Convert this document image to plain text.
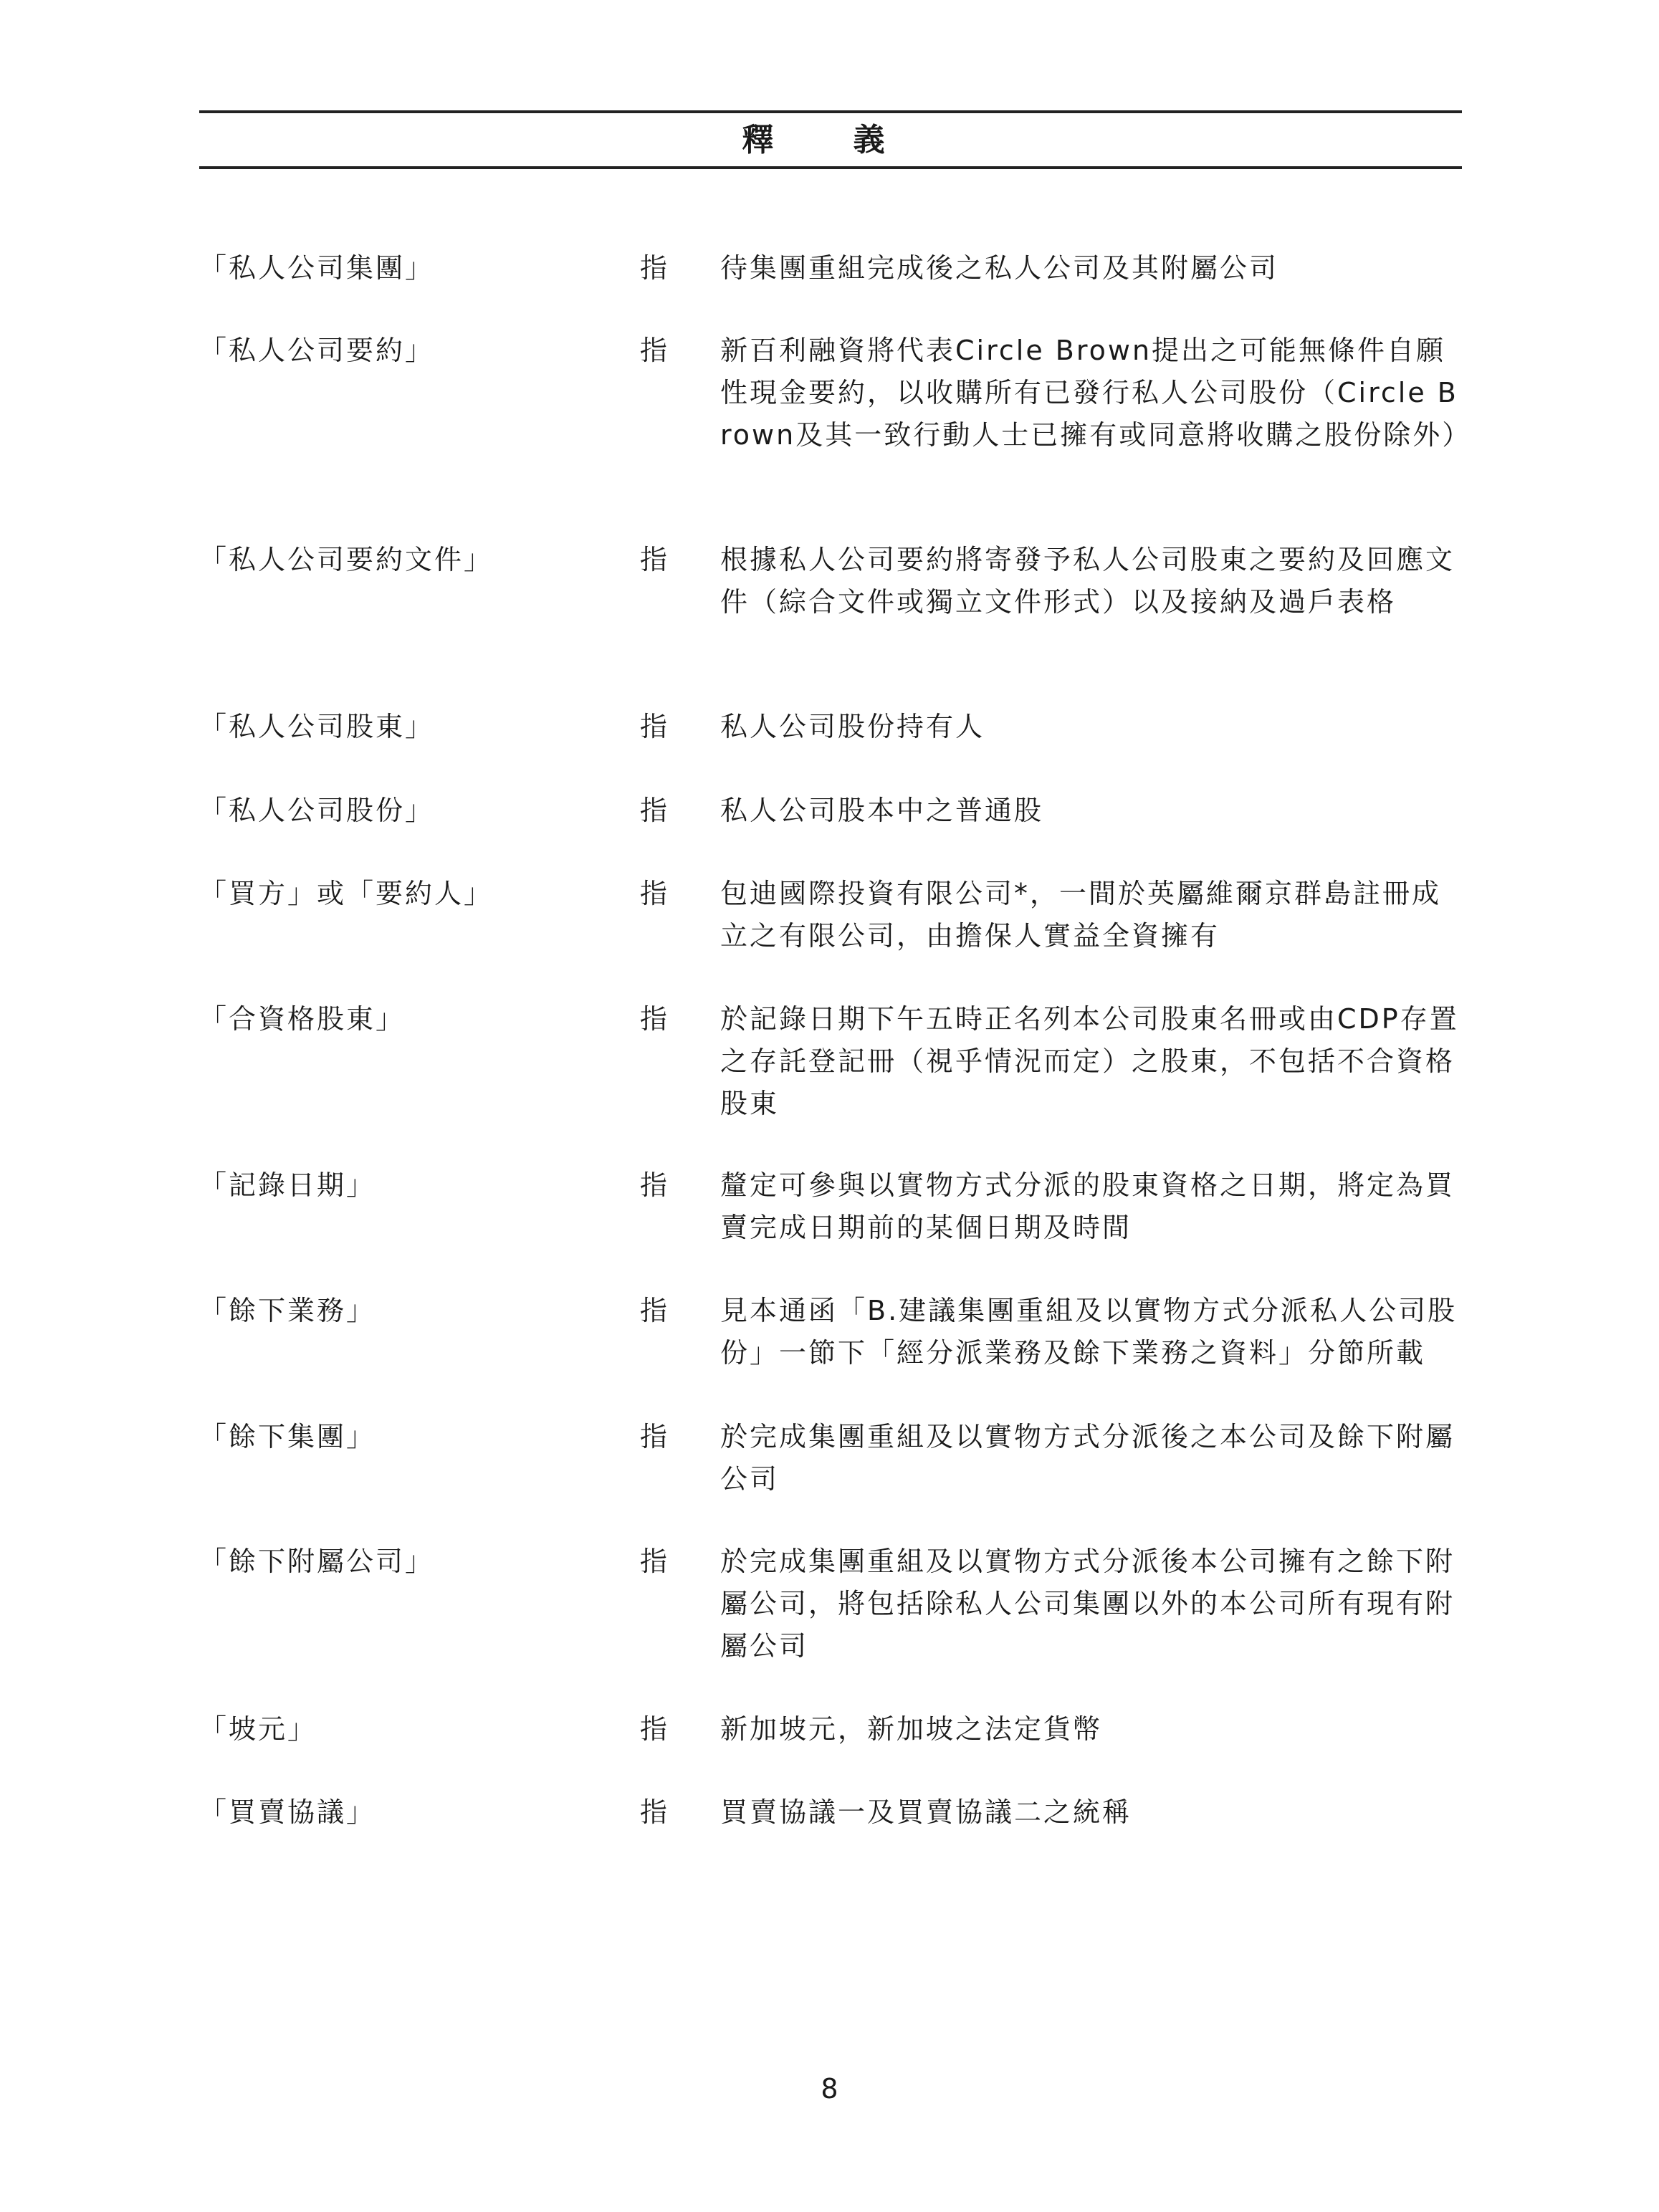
釋 義
「私人公司集團」	指	待集團重組完成後之私人公司及其附屬公司
「私人公司要約」	指	新百利融資將代表Circle Brown提出之可能無條件自願性現金要約，以收購所有已發行私人公司股份（Circle Brown及其一致行動人士已擁有或同意將收購之股份除外）
「私人公司要約文件」	指	根據私人公司要約將寄發予私人公司股東之要約及回應文件（綜合文件或獨立文件形式）以及接納及過戶表格
「私人公司股東」	指	私人公司股份持有人
「私人公司股份」	指	私人公司股本中之普通股
「買方」或「要約人」	指	包迪國際投資有限公司*，一間於英屬維爾京群島註冊成立之有限公司，由擔保人實益全資擁有
「合資格股東」	指	於記錄日期下午五時正名列本公司股東名冊或由CDP存置之存託登記冊（視乎情況而定）之股東，不包括不合資格股東
「記錄日期」	指	釐定可參與以實物方式分派的股東資格之日期，將定為買賣完成日期前的某個日期及時間
「餘下業務」	指	見本通函「B.建議集團重組及以實物方式分派私人公司股份」一節下「經分派業務及餘下業務之資料」分節所載
「餘下集團」	指	於完成集團重組及以實物方式分派後之本公司及餘下附屬公司
「餘下附屬公司」	指	於完成集團重組及以實物方式分派後本公司擁有之餘下附屬公司，將包括除私人公司集團以外的本公司所有現有附屬公司
「坡元」	指	新加坡元，新加坡之法定貨幣
「買賣協議」	指	買賣協議一及買賣協議二之統稱
8
